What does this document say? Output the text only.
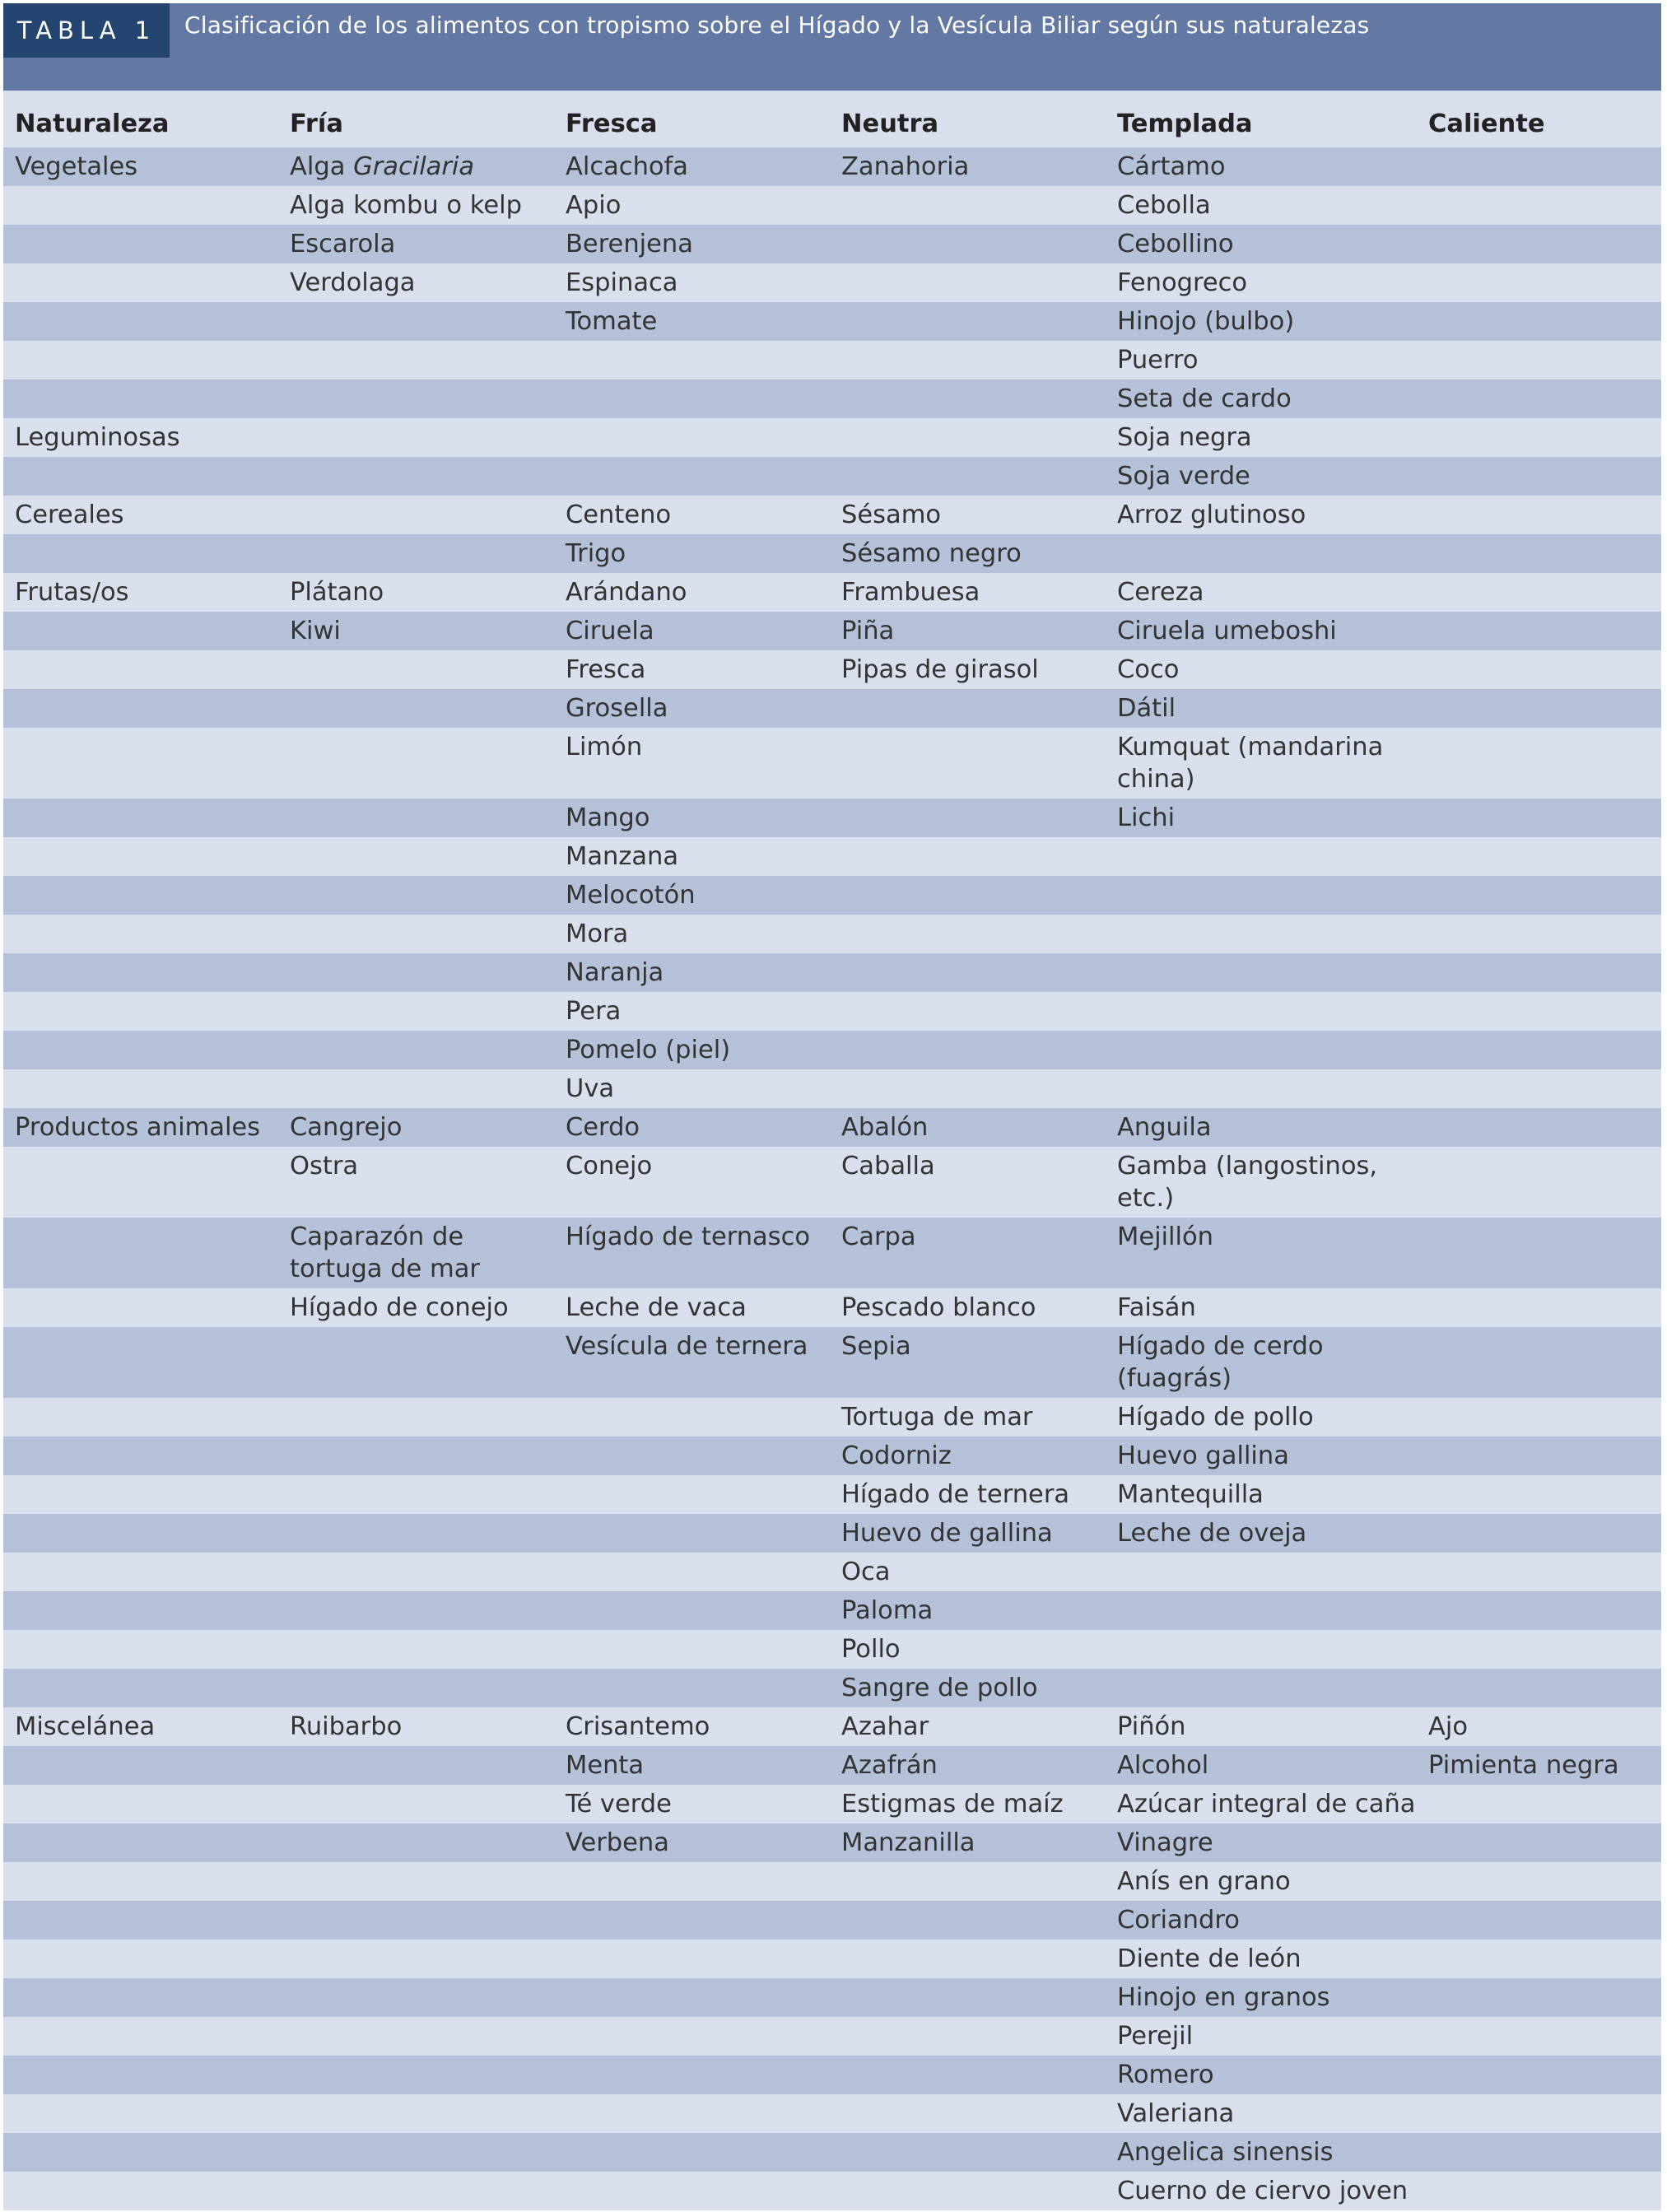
TABLA 1	Clasificación de los alimentos con tropismo sobre el Hígado y la Vesícula Biliar según sus naturalezas
Naturaleza	Fría	Fresca	Neutra	Templada	Caliente
Vegetales	Alga Gracilaria	Alcachofa	Zanahoria	Cártamo	
	Alga kombu o kelp	Apio		Cebolla	
	Escarola	Berenjena		Cebollino	
	Verdolaga	Espinaca		Fenogreco	
		Tomate		Hinojo (bulbo)	
				Puerro	
				Seta de cardo	
Leguminosas				Soja negra	
				Soja verde	
Cereales		Centeno	Sésamo	Arroz glutinoso	
		Trigo	Sésamo negro		
Frutas/os	Plátano	Arándano	Frambuesa	Cereza	
	Kiwi	Ciruela	Piña	Ciruela umeboshi	
		Fresca	Pipas de girasol	Coco	
		Grosella		Dátil	
		Limón		Kumquat (mandarina china)	
		Mango		Lichi	
		Manzana			
		Melocotón			
		Mora			
		Naranja			
		Pera			
		Pomelo (piel)			
		Uva			
Productos animales	Cangrejo	Cerdo	Abalón	Anguila	
	Ostra	Conejo	Caballa	Gamba (langostinos, etc.)	
	Caparazón de tortuga de mar	Hígado de ternasco	Carpa	Mejillón	
	Hígado de conejo	Leche de vaca	Pescado blanco	Faisán	
		Vesícula de ternera	Sepia	Hígado de cerdo (fuagrás)	
			Tortuga de mar	Hígado de pollo	
			Codorniz	Huevo gallina	
			Hígado de ternera	Mantequilla	
			Huevo de gallina	Leche de oveja	
			Oca		
			Paloma		
			Pollo		
			Sangre de pollo		
Miscelánea	Ruibarbo	Crisantemo	Azahar	Piñón	Ajo
		Menta	Azafrán	Alcohol	Pimienta negra
		Té verde	Estigmas de maíz	Azúcar integral de caña	
		Verbena	Manzanilla	Vinagre	
				Anís en grano	
				Coriandro	
				Diente de león	
				Hinojo en granos	
				Perejil	
				Romero	
				Valeriana	
				Angelica sinensis	
				Cuerno de ciervo joven	
